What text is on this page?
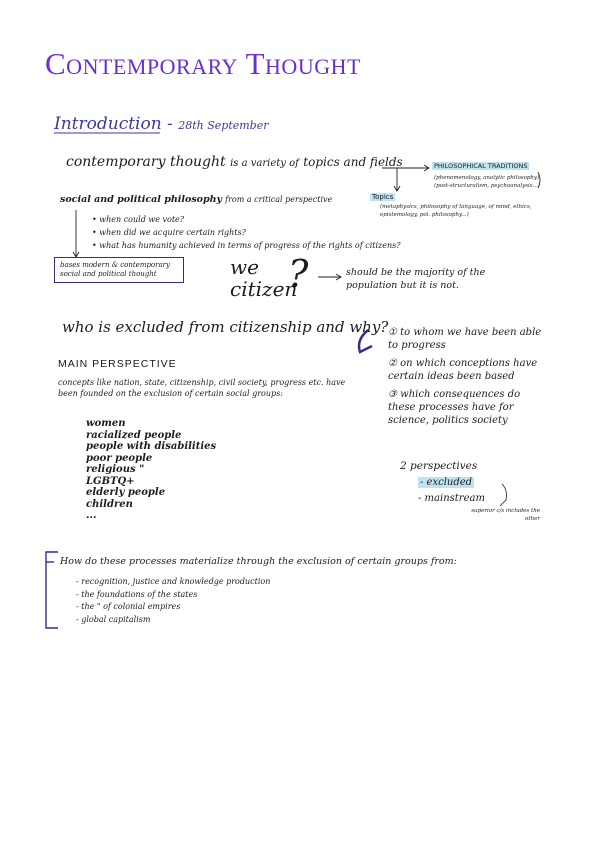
Contemporary Thought
Introduction - 28th September
contemporary thought is a variety of topics and fields	PHILOSOPHICAL TRADITIONS
(phenomenology, analytic philosophy) (post-structuralism, psychoanalysis...)
Topics
(metaphysics, philosophy of language, of mind, ethics, epistemology, pol. philosophy...)
social and political philosophy from a critical perspective
• when could we vote?
• when did we acquire certain rights?
• what has humanity achieved in terms of progress of the rights of citizens?
bases modern & contemporary social and political thought	we
citizen
?	should be the majority of the population but it is not.
who is excluded from citizenship and why? ① to whom we have been able to progress
② on which conceptions have certain ideas been based
③ which consequences do these processes have for science, politics society
MAIN PERSPECTIVE
concepts like nation, state, citizenship, civil society, progress etc. have been founded on the exclusion of certain social groups:
women
racialized people
people with disabilities
poor people
religious "
LGBTQ+
elderly people
children
...
2 perspectives
- excluded
- mainstream
superior c/s includes the other
How do these processes materialize through the exclusion of certain groups from:
- recognition, justice and knowledge production
- the foundations of the states
- the " of colonial empires
- global capitalism
